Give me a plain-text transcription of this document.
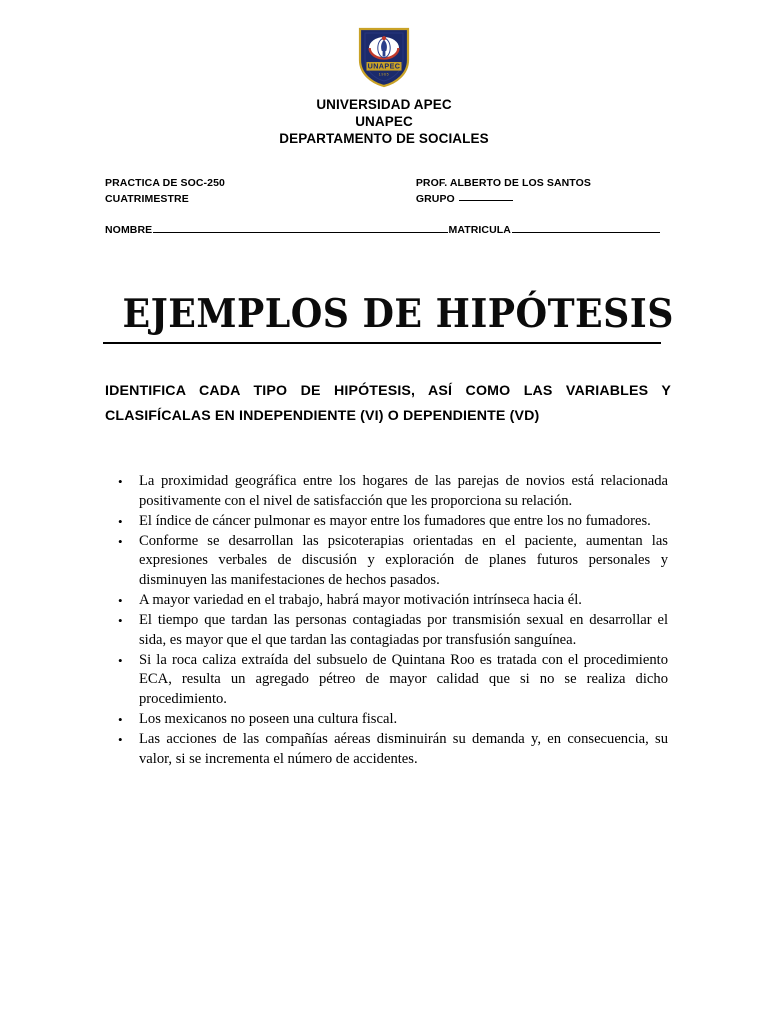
UNAPEC
1965
UNIVERSIDAD APEC
UNAPEC
DEPARTAMENTO DE SOCIALES
PRACTICA DE SOC-250	PROF. ALBERTO DE LOS SANTOS
CUATRIMESTRE	GRUPO
NOMBRE	MATRICULA
EJEMPLOS DE HIPÓTESIS
IDENTIFICA CADA TIPO DE HIPÓTESIS, ASÍ COMO LAS VARIABLES Y CLASIFÍCALAS EN INDEPENDIENTE (VI) O DEPENDIENTE (VD)
• La proximidad geográfica entre los hogares de las parejas de novios está relacionada positivamente con el nivel de satisfacción que les proporciona su relación.
• El índice de cáncer pulmonar es mayor entre los fumadores que entre los no fumadores.
• Conforme se desarrollan las psicoterapias orientadas en el paciente, aumentan las expresiones verbales de discusión y exploración de planes futuros personales y disminuyen las manifestaciones de hechos pasados.
• A mayor variedad en el trabajo, habrá mayor motivación intrínseca hacia él.
• El tiempo que tardan las personas contagiadas por transmisión sexual en desarrollar el sida, es mayor que el que tardan las contagiadas por transfusión sanguínea.
• Si la roca caliza extraída del subsuelo de Quintana Roo es tratada con el procedimiento ECA, resulta un agregado pétreo de mayor calidad que si no se realiza dicho procedimiento.
• Los mexicanos no poseen una cultura fiscal.
• Las acciones de las compañías aéreas disminuirán su demanda y, en consecuencia, su valor, si se incrementa el número de accidentes.
